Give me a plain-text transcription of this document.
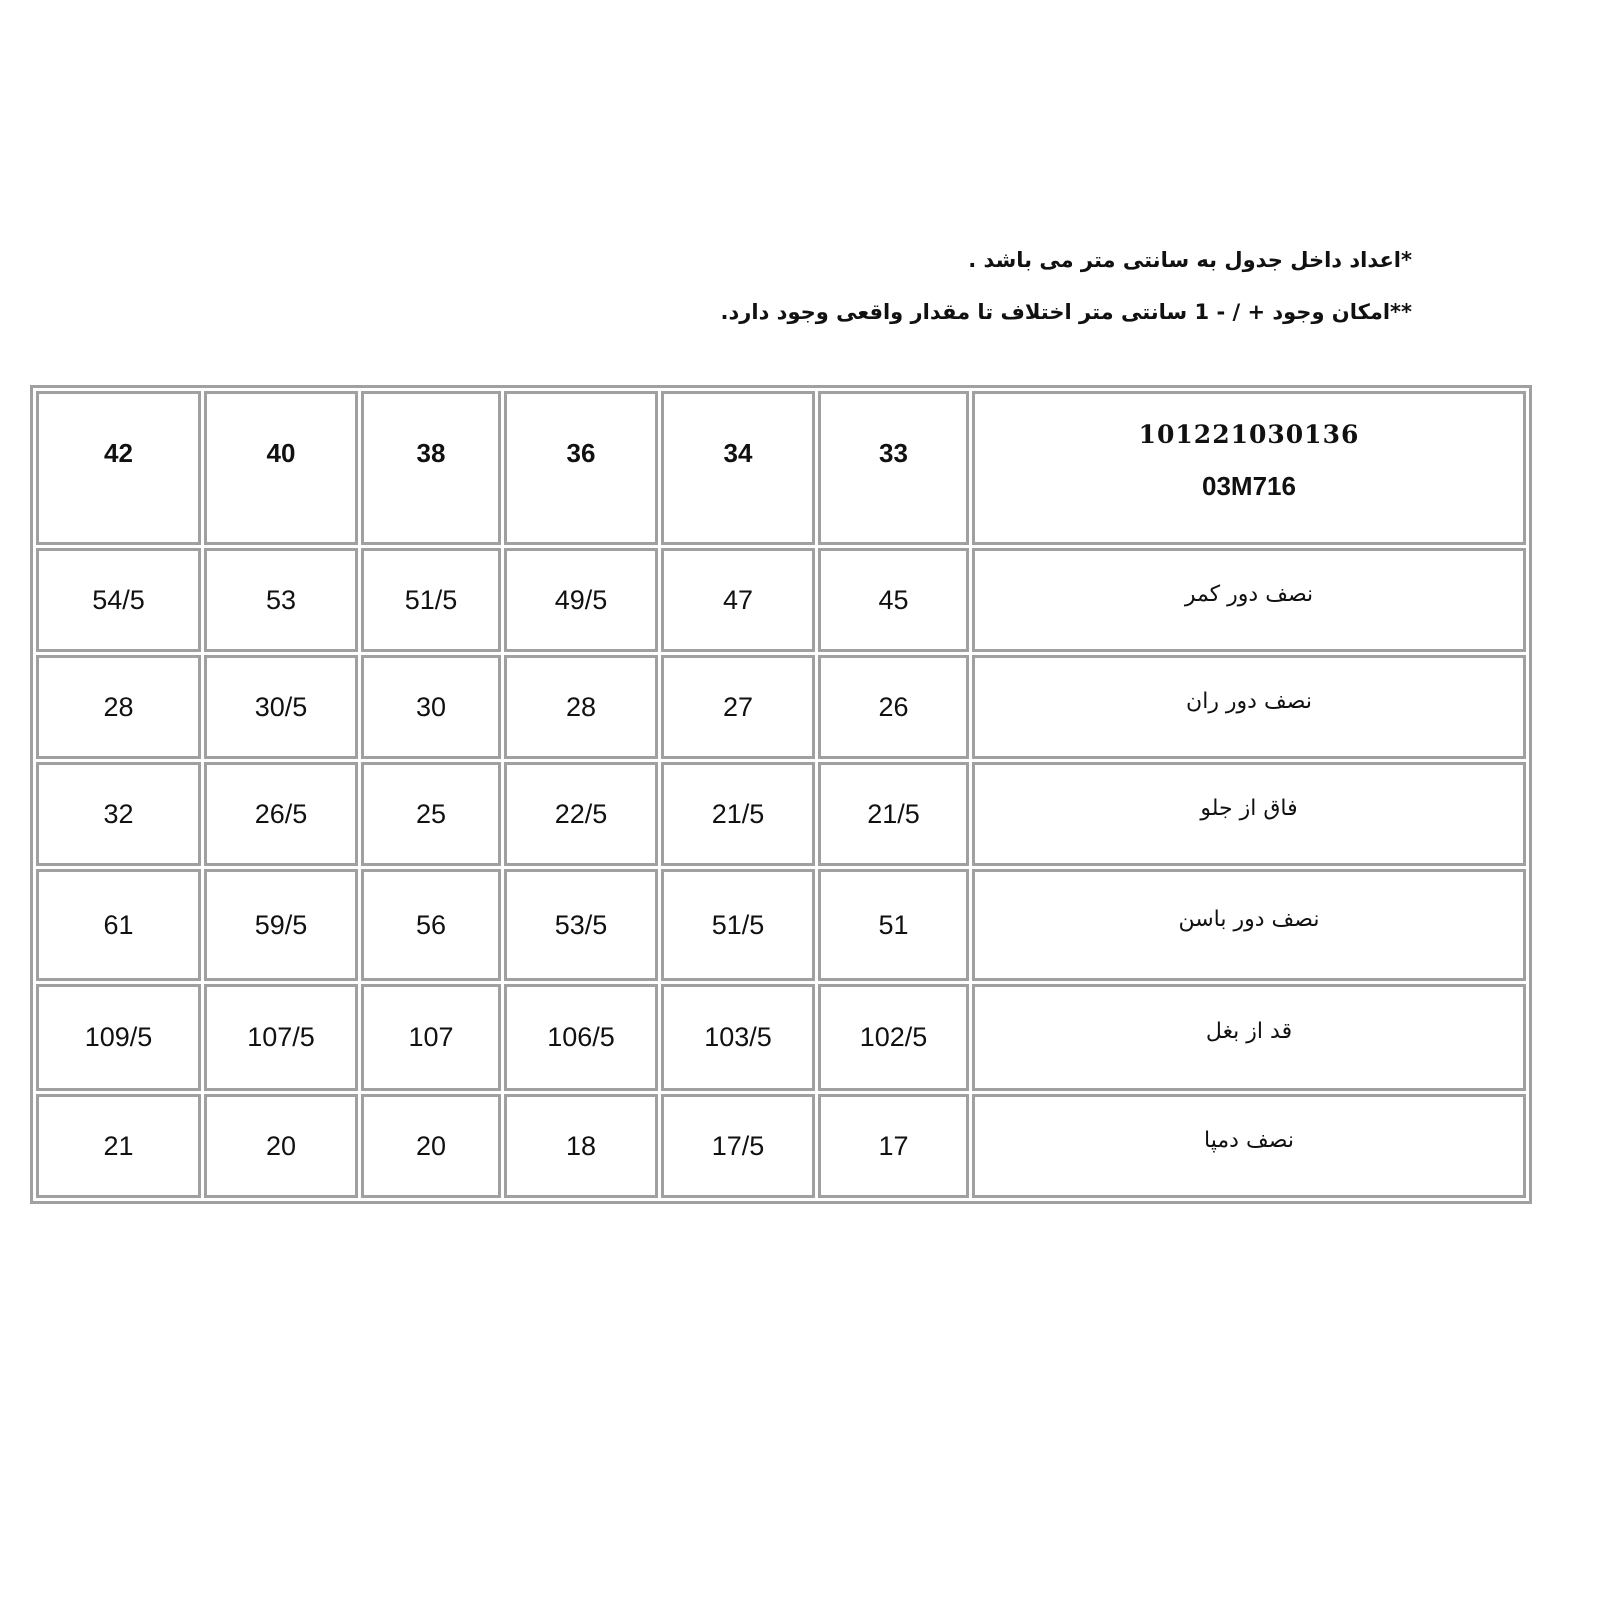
*اعداد داخل جدول به سانتی متر می باشد .
**امکان وجود + / - 1 سانتی متر اختلاف تا مقدار واقعی وجود دارد.
42	40	38	36	34	33	101221030136
03M716

54/5	53	51/5	49/5	47	45	نصف دور کمر
28	30/5	30	28	27	26	نصف دور ران
32	26/5	25	22/5	21/5	21/5	فاق از جلو
61	59/5	56	53/5	51/5	51	نصف دور باسن
109/5	107/5	107	106/5	103/5	102/5	قد از بغل
21	20	20	18	17/5	17	نصف دمپا
